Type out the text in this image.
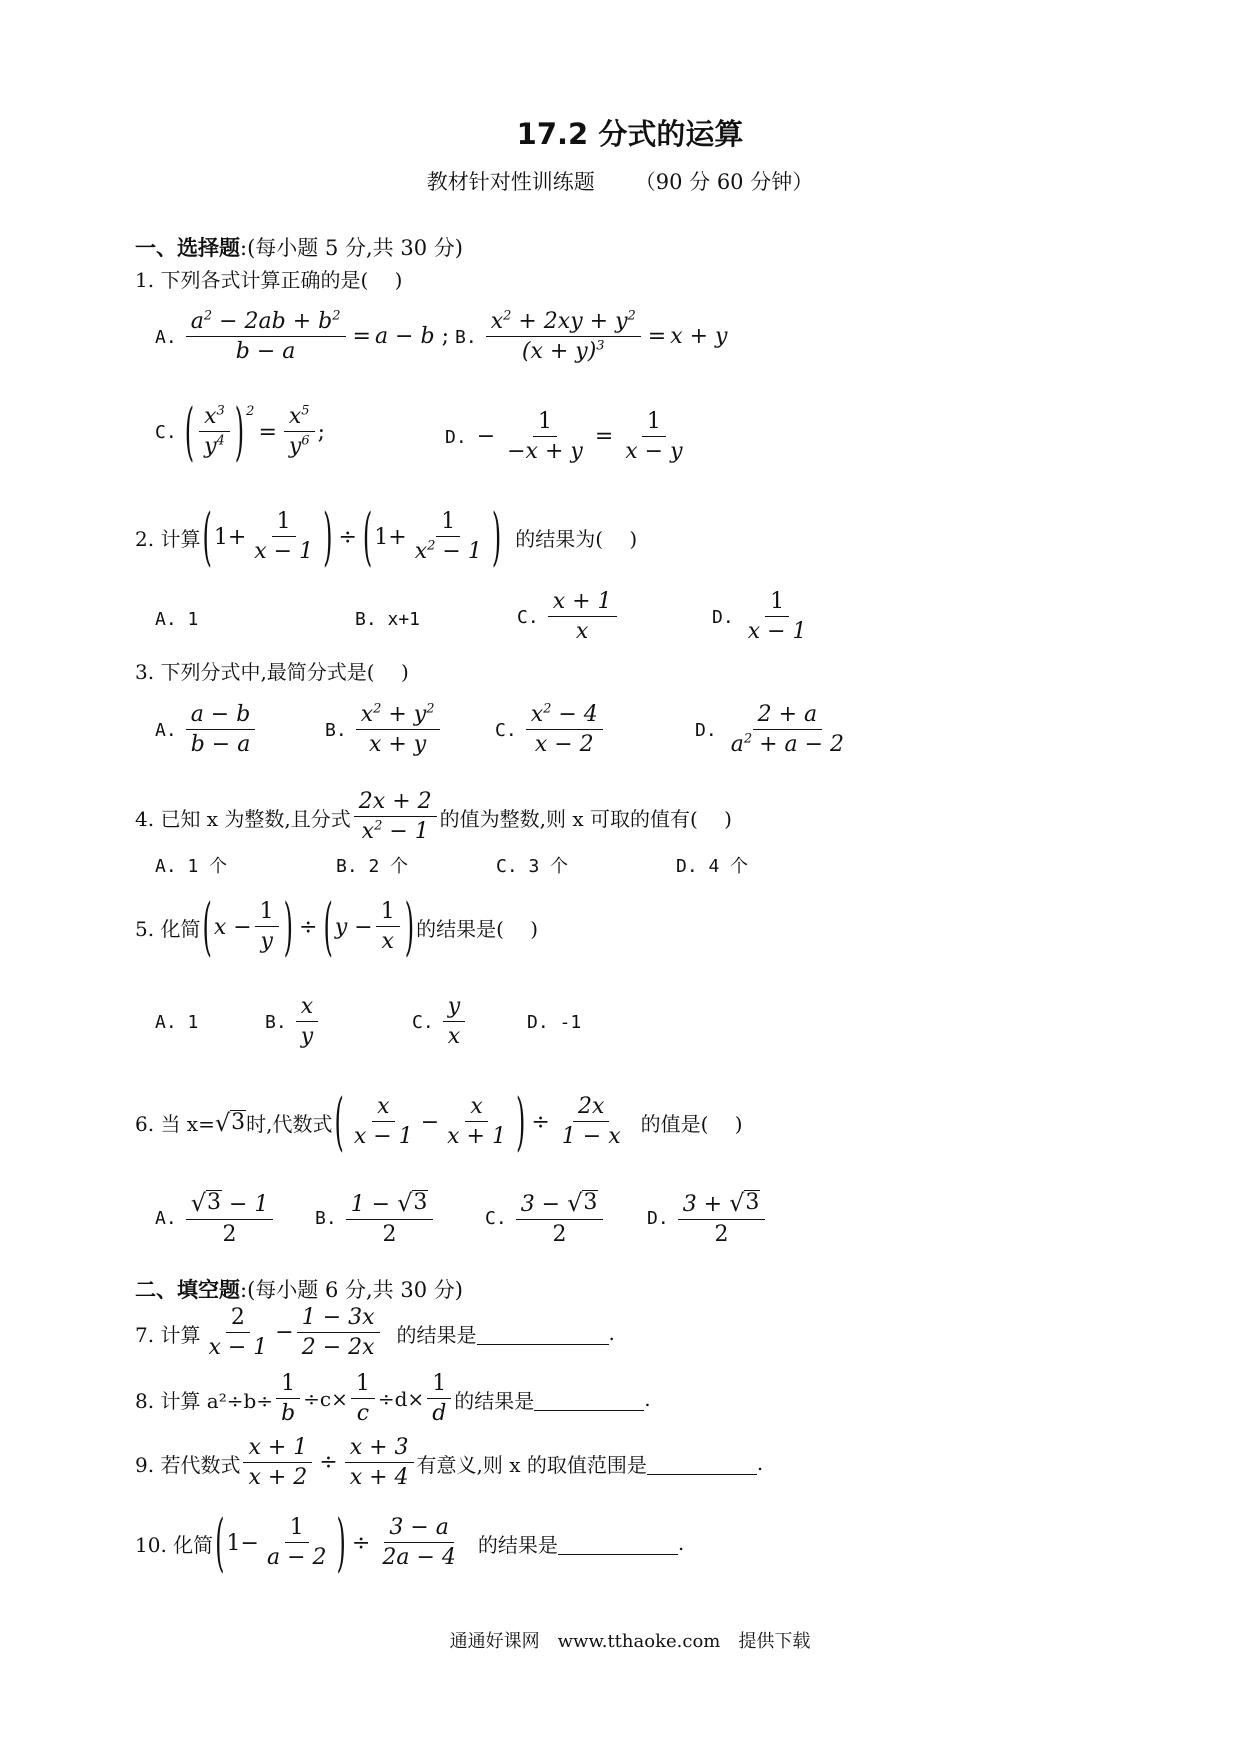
17.2 分式的运算
教材针对性训练题 （90 分 60 分钟）
一、选择题 :(每小题 5 分,共 30 分)
1. 下列各式计算正确的是(　 )
A. $\frac{a^2 - 2ab + b^2}{b - a} = a - b$ ; B. $\frac{x^2 + 2xy + y^2}{(x + y)^3} = x + y$
C. ( $\frac{x^3}{y^4} )^2$
= $\frac{x^5}{y^6}$ ;	D. − $\frac{1}{-x + y} = \frac{1}{x - y}$
2. 计算 ( $1+ \frac{1}{x - 1}$ ) ÷ ( $1+ \frac{1}{x^2 - 1}$ ) 的结果为(　 )
A. 1	B. x+1	C. $\frac{x + 1}{x}$	D. $\frac{1}{x - 1}$
3. 下列分式中,最简分式是(　 )
A. $\frac{a - b}{b - a}$	B. $\frac{x^2 + y^2}{x + y}$	C. $\frac{x^2 - 4}{x - 2}$	D. $\frac{2 + a}{a^2 + a - 2}$
4. 已知 x 为整数,且分式 $\frac{2x + 2}{x^2 - 1}$ 的值为整数,则 x 可取的值有(　 )
A. 1 个	B. 2 个	C. 3 个	D. 4 个
5. 化简 ( $x - \frac{1}{y}$ ) ÷ ( $y - \frac{1}{x}$ ) 的结果是(　 )
A. 1	B. $\frac{x}{y}$	C. $\frac{y}{x}$	D. -1
6. 当 x= √ 3 时,代数式 ( $\frac{x}{x - 1} - \frac{x}{x + 1}$ ) ÷ $\frac{2x}{1 - x}$ 的值是(　 )
A. $\frac{√ 3 - 1}{2} B$. $\frac{1 - √ 3}{2}$	C. $\frac{3 - √ 3}{2} D$. $\frac{3 + √ 3}{2}$
二、填空题 :(每小题 6 分,共 30 分)
7. 计算 $\frac{2}{x - 1} - \frac{1 - 3x}{2 - 2x}$ 的结果是	.
8. 计算 $a^2\div b\div \frac{1}{b} \div c\times \frac{1}{c} \div d\times \frac{1}{d}$ 的结果是	.
9. 若代数式 $\frac{x + 1}{x + 2} \div \frac{x + 3}{x + 4}$ 有意义,则 x 的取值范围是	.
10. 化简 ( $1- \frac{1}{a - 2}$ ) ÷ $\frac{3 - a}{2a - 4}$ 的结果是	.
通通好课网　www.tthaoke.com　提供下载
